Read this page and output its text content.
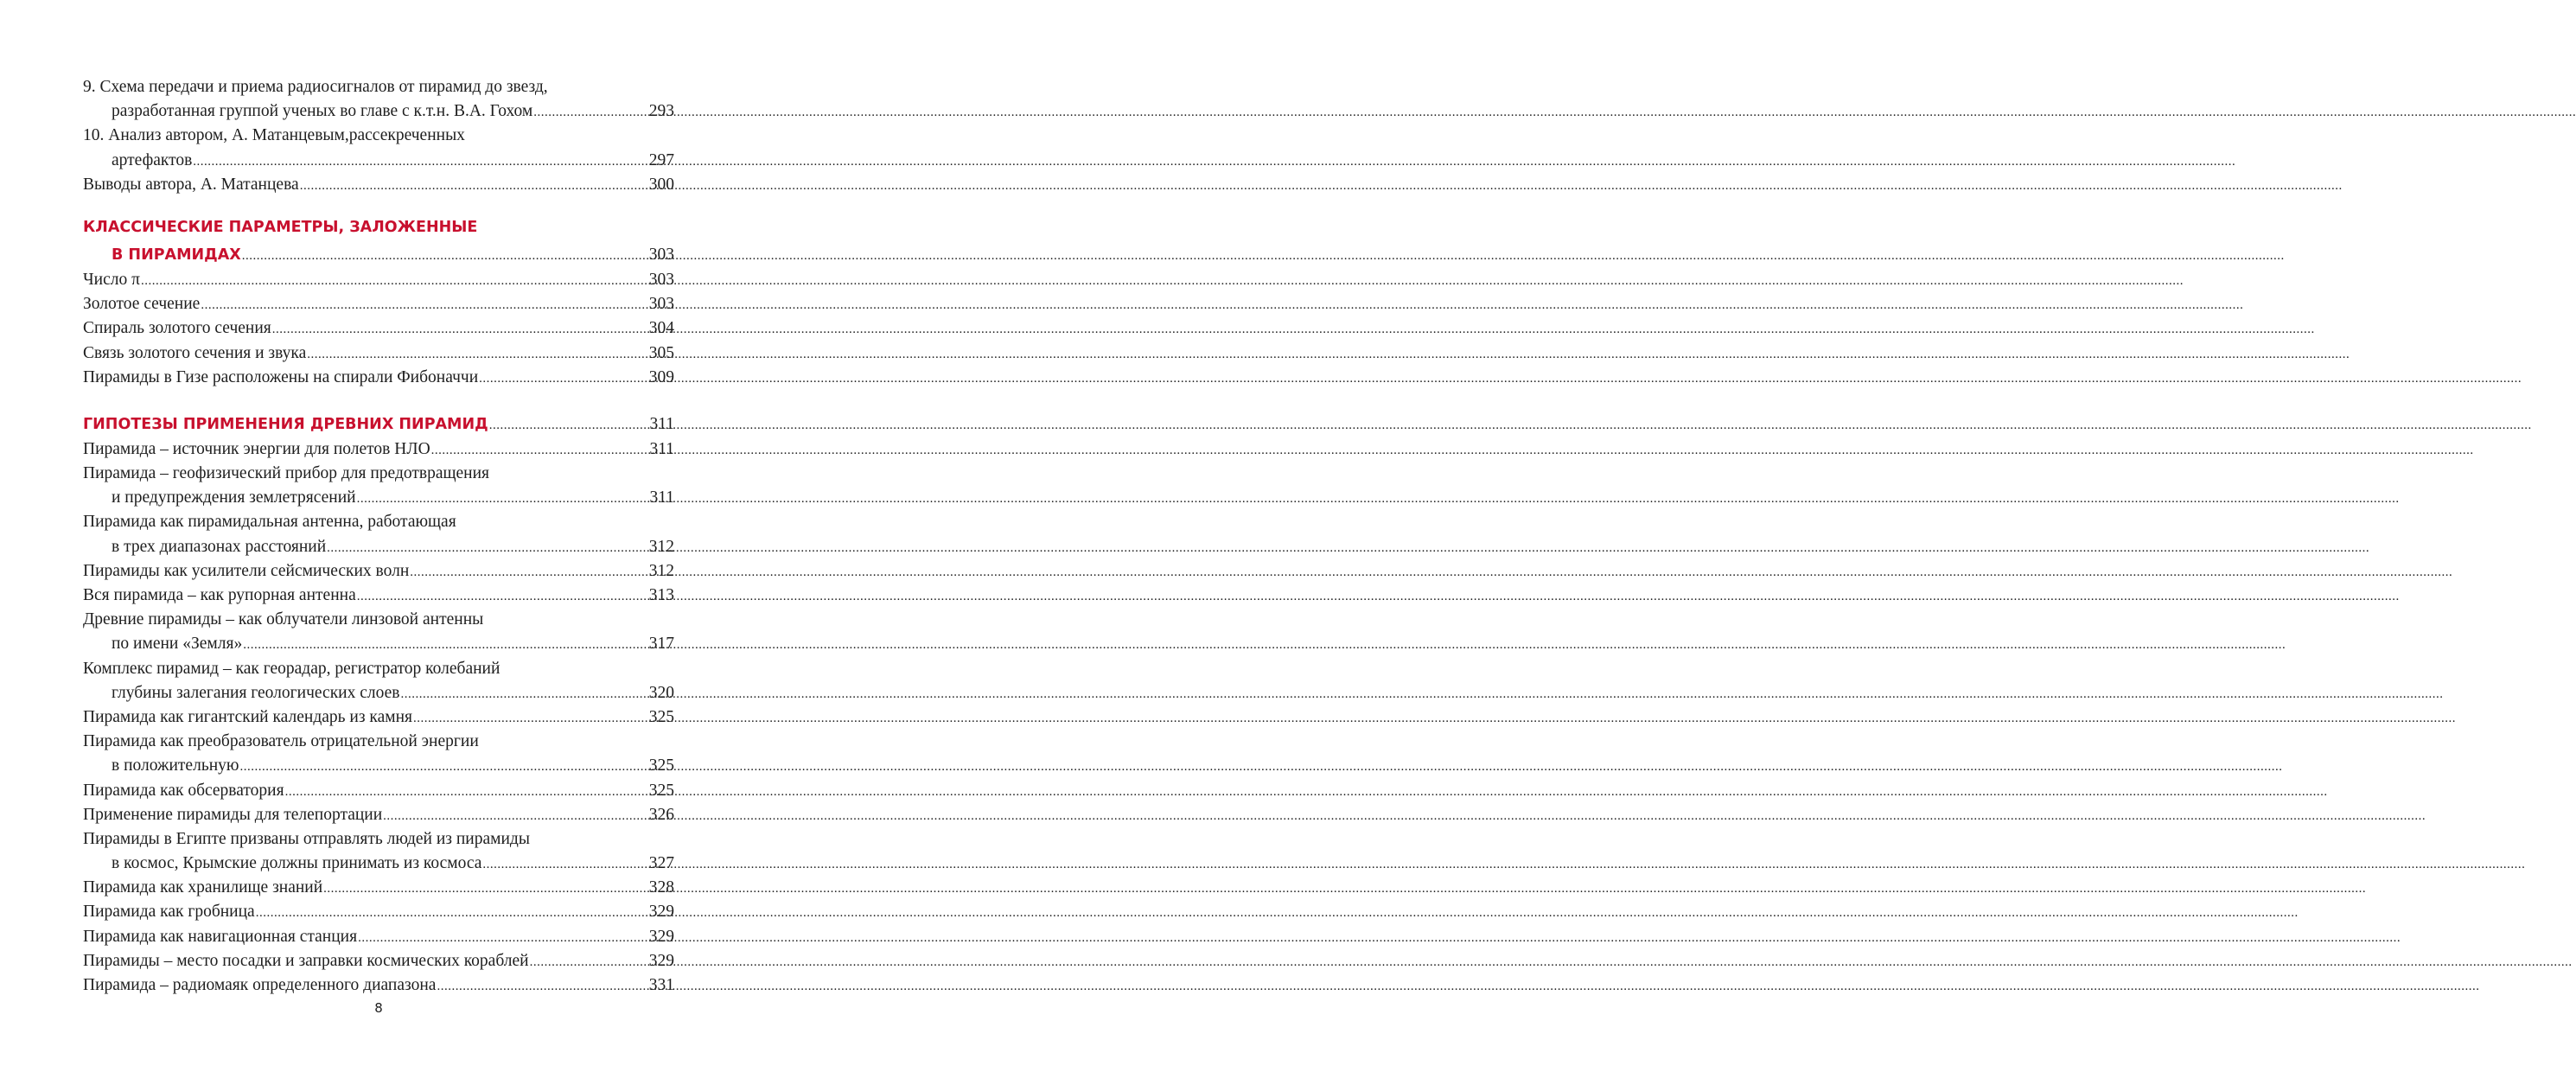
9. Схема передачи и приема радиосигналов от пирамид до звезд,
разработанная группой ученых во главе с к.т.н. В.А. Гохом .....	293
10. Анализ автором, А. Матанцевым,рассекреченных
артефактов .....	297
Выводы автора, А. Матанцева .....	300
КЛАССИЧЕСКИЕ ПАРАМЕТРЫ, ЗАЛОЖЕННЫЕ
В ПИРАМИДАХ .....	303
Число π .....	303
Золотое сечение .....	303
Спираль золотого сечения .....	304
Связь золотого сечения и звука .....	305
Пирамиды в Гизе расположены на спирали Фибоначчи .....	309
ГИПОТЕЗЫ ПРИМЕНЕНИЯ ДРЕВНИХ ПИРАМИД .....	311
Пирамида – источник энергии для полетов НЛО .....	311
Пирамида – геофизический прибор для предотвращения
и предупреждения землетрясений .....	311
Пирамида как пирамидальная антенна, работающая
в трех диапазонах расстояний .....	312
Пирамиды как усилители сейсмических волн .....	312
Вся пирамида – как рупорная антенна .....	313
Древние пирамиды – как облучатели линзовой антенны
по имени «Земля» .....	317
Комплекс пирамид – как георадар, регистратор колебаний
глубины залегания геологических слоев .....	320
Пирамида как гигантский календарь из камня .....	325
Пирамида как преобразователь отрицательной энергии
в положительную .....	325
Пирамида как обсерватория .....	325
Применение пирамиды для телепортации .....	326
Пирамиды в Египте призваны отправлять людей из пирамиды
в космос, Крымские должны принимать из космоса .....	327
Пирамида как хранилище знаний .....	328
Пирамида как гробница .....	329
Пирамида как навигационная станция .....	329
Пирамиды – место посадки и заправки космических кораблей .....	329
Пирамида – радиомаяк определенного диапазона .....	331
8
